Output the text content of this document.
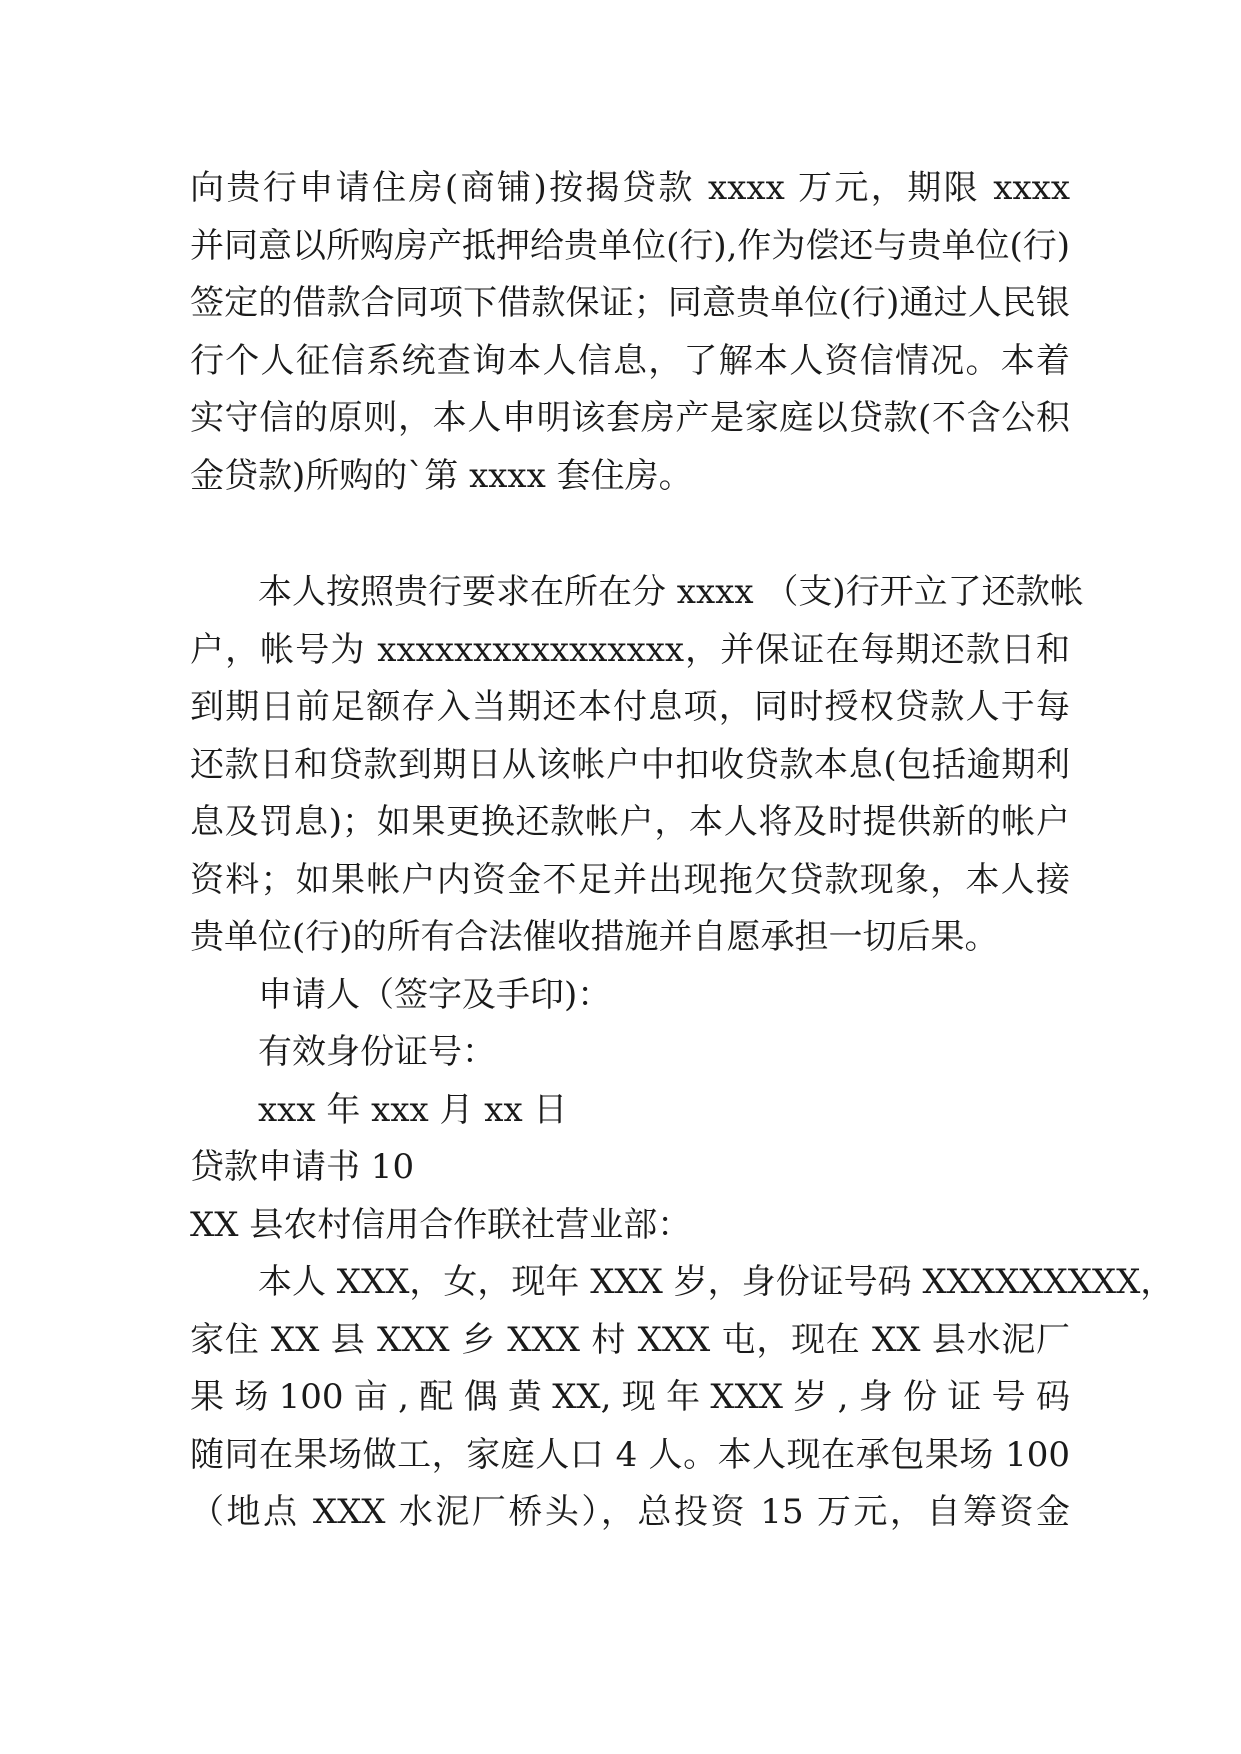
向贵行申请住房(商铺)按揭贷款 xxxx 万元，期限 xxxx
并同意以所购房产抵押给贵单位(行),作为偿还与贵单位(行)
签定的借款合同项下借款保证；同意贵单位(行)通过人民银
行个人征信系统查询本人信息，了解本人资信情况。本着
实守信的原则，本人申明该套房产是家庭以贷款(不含公积
金贷款)所购的`第 xxxx 套住房。
本人按照贵行要求在所在分 xxxx （支)行开立了还款帐
户，帐号为 xxxxxxxxxxxxxxxx，并保证在每期还款日和
到期日前足额存入当期还本付息项，同时授权贷款人于每
还款日和贷款到期日从该帐户中扣收贷款本息(包括逾期利
息及罚息)；如果更换还款帐户，本人将及时提供新的帐户
资料；如果帐户内资金不足并出现拖欠贷款现象，本人接
贵单位(行)的所有合法催收措施并自愿承担一切后果。
申请人（签字及手印)：
有效身份证号：
xxx 年 xxx 月 xx 日
贷款申请书 10
XX 县农村信用合作联社营业部：
本人 XXX，女，现年 XXX 岁，身份证号码 XXXXXXXXX，
家住 XX 县 XXX 乡 XXX 村 XXX 屯，现在 XX 县水泥厂
果场100亩,配偶黄XX,现年XXX岁,身份证号码
随同在果场做工，家庭人口 4 人。本人现在承包果场 100
（地点 XXX 水泥厂桥头），总投资 15 万元，自筹资金
